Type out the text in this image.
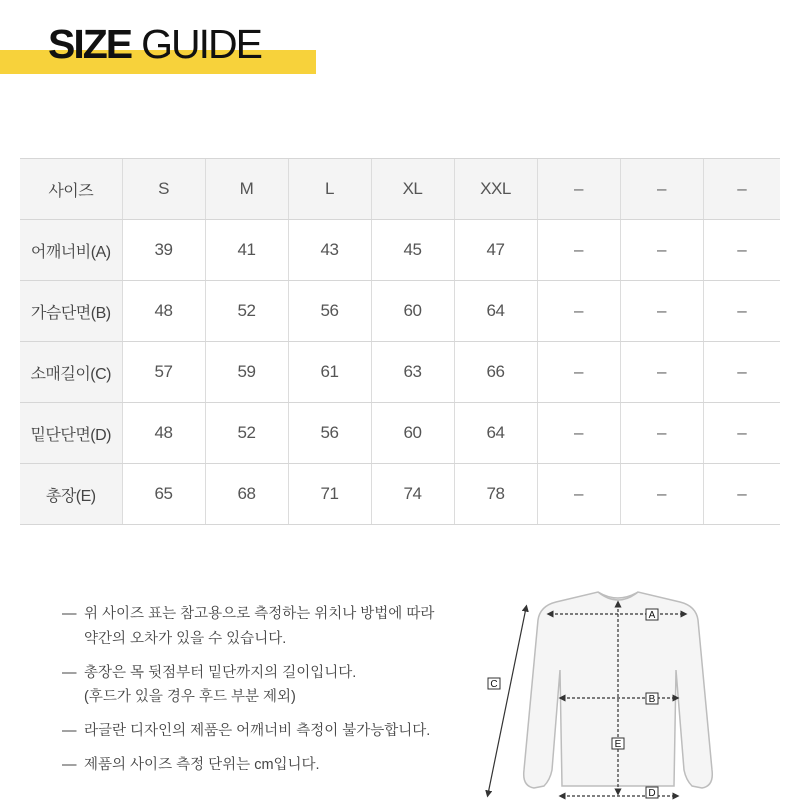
SIZE GUIDE
사이즈	S	M	L	XL	XXL	–	–	–
어깨너비(A)	39	41	43	45	47	–	–	–
가슴단면(B)	48	52	56	60	64	–	–	–
소매길이(C)	57	59	61	63	66	–	–	–
밑단단면(D)	48	52	56	60	64	–	–	–
총장(E)	65	68	71	74	78	–	–	–
— 위 사이즈 표는 참고용으로 측정하는 위치나 방법에 따라
약간의 오차가 있을 수 있습니다.
— 총장은 목 뒷점부터 밑단까지의 길이입니다.
(후드가 있을 경우 후드 부분 제외)
— 라글란 디자인의 제품은 어깨너비 측정이 불가능합니다.
— 제품의 사이즈 측정 단위는 cm입니다.
A
B
C
D
E
